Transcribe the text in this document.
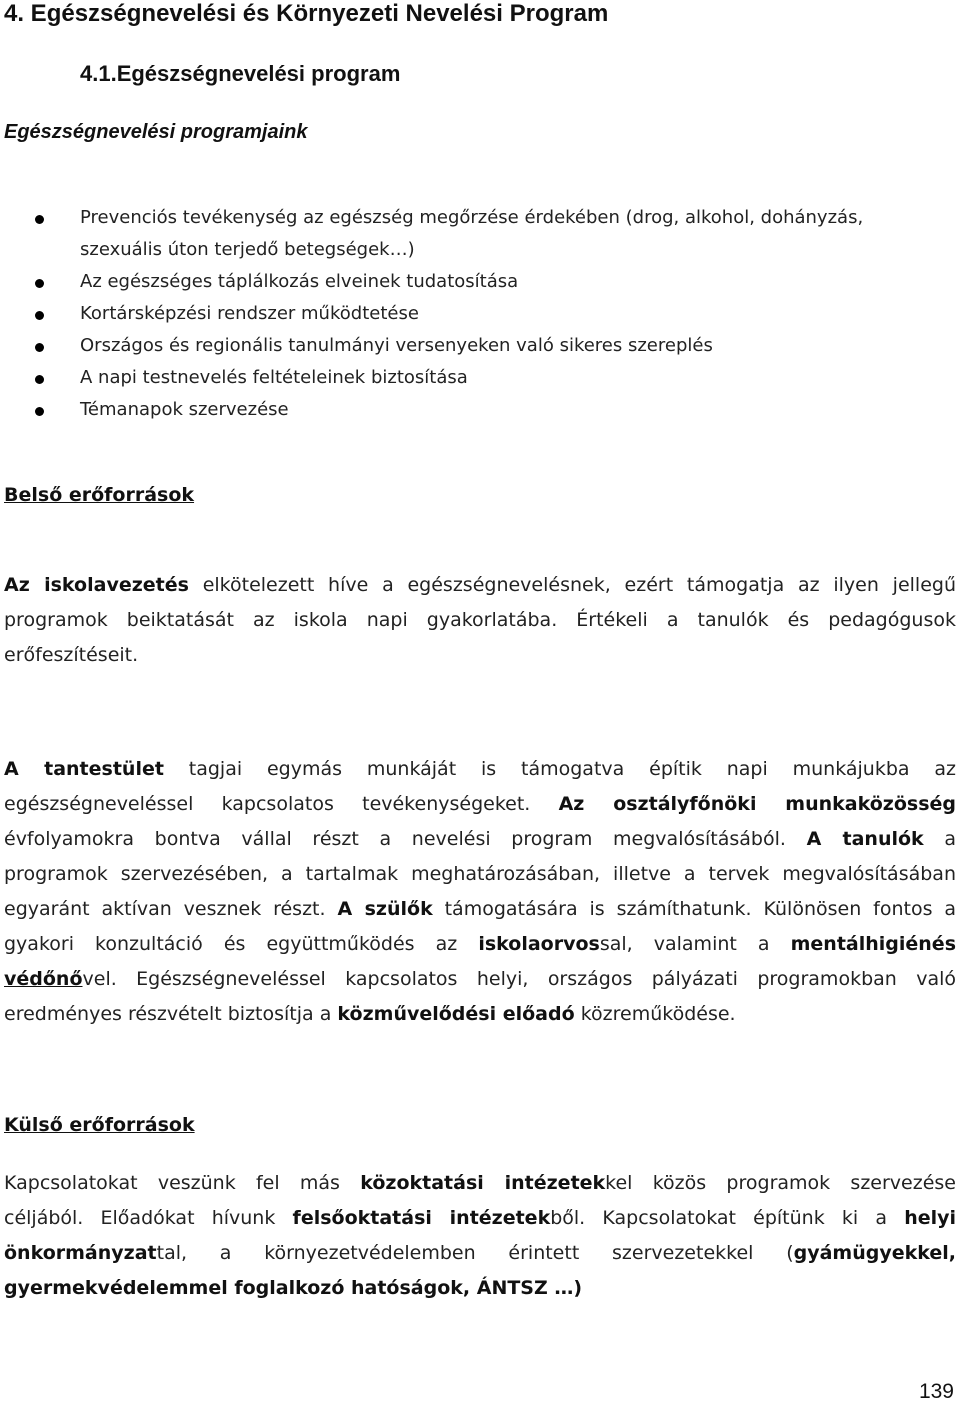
4. Egészségnevelési és Környezeti Nevelési Program
4.1.Egészségnevelési program
Egészségnevelési programjaink
Prevenciós tevékenység az egészség megőrzése érdekében (drog, alkohol, dohányzás,
szexuális úton terjedő betegségek…)
Az egészséges táplálkozás elveinek tudatosítása
Kortársképzési rendszer működtetése
Országos és regionális tanulmányi versenyeken való sikeres szereplés
A napi testnevelés feltételeinek biztosítása
Témanapok szervezése
Belső erőforrások
Az iskolavezetés elkötelezett híve a egészségnevelésnek, ezért támogatja az ilyen jellegű
programok beiktatását az iskola napi gyakorlatába. Értékeli a tanulók és pedagógusok
erőfeszítéseit.
A tantestület tagjai egymás munkáját is támogatva építik napi munkájukba az
egészségneveléssel kapcsolatos tevékenységeket. Az osztályfőnöki munkaközösség
évfolyamokra bontva vállal részt a nevelési program megvalósításából. A tanulók a
programok szervezésében, a tartalmak meghatározásában, illetve a tervek megvalósításában
egyaránt aktívan vesznek részt. A szülők támogatására is számíthatunk. Különösen fontos a
gyakori konzultáció és együttműködés az iskolaorvossal, valamint a mentálhigiénés
védőnővel. Egészségneveléssel kapcsolatos helyi, országos pályázati programokban való
eredményes részvételt biztosítja a közművelődési előadó közreműködése.
Külső erőforrások
Kapcsolatokat veszünk fel más közoktatási intézetekkel közös programok szervezése
céljából. Előadókat hívunk felsőoktatási intézetekből. Kapcsolatokat építünk ki a helyi
önkormányzattal, a környezetvédelemben érintett szervezetekkel (gyámügyekkel,
gyermekvédelemmel foglalkozó hatóságok, ÁNTSZ …)
139
